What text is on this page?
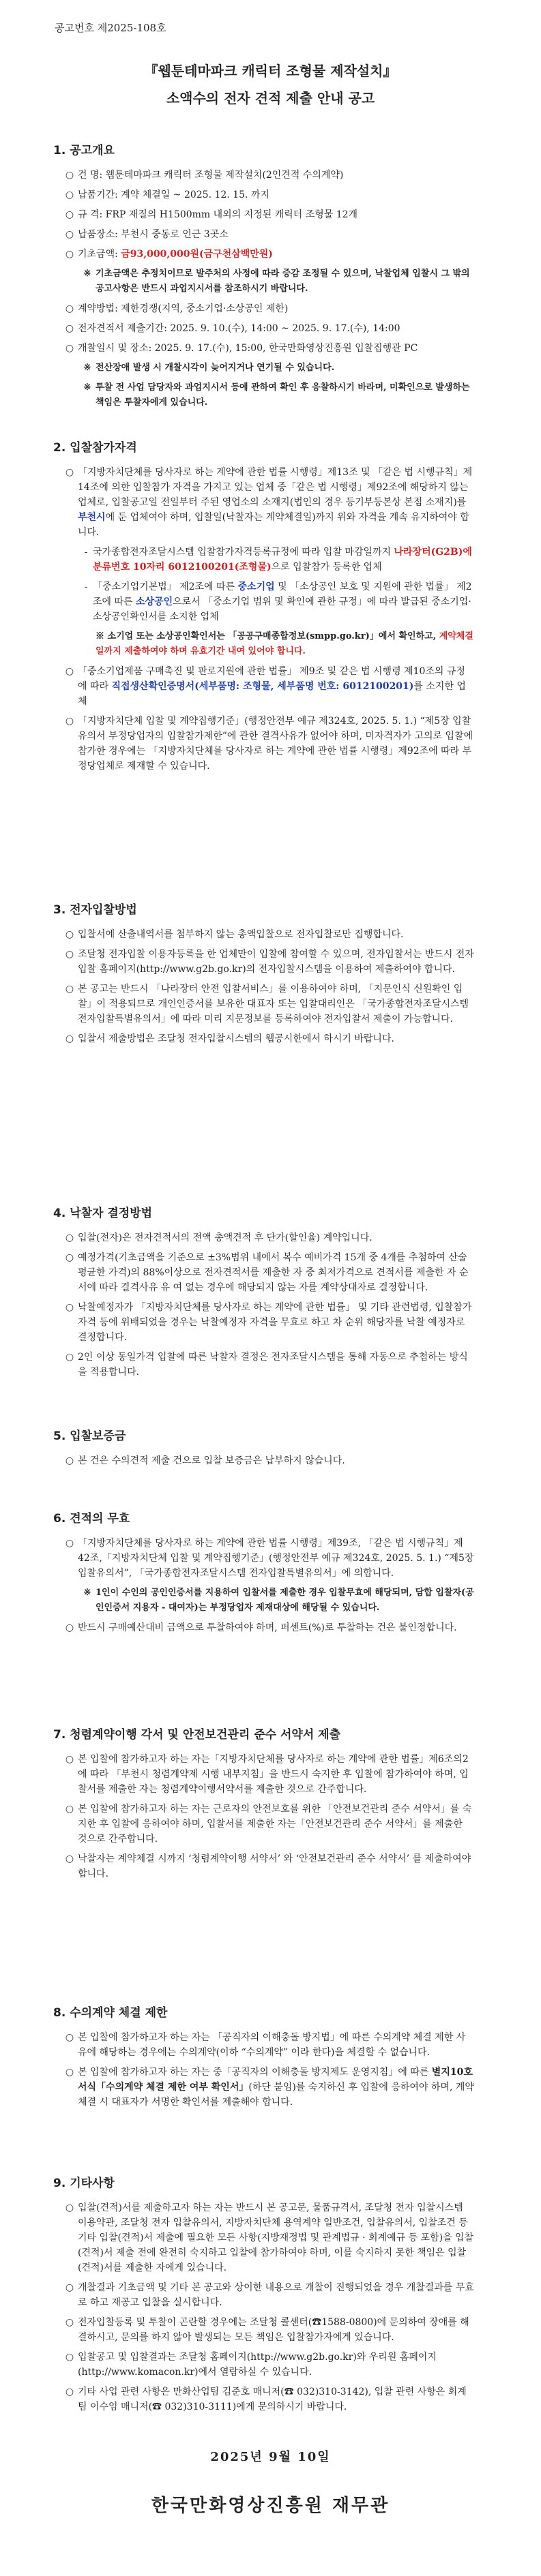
공고번호 제2025-108호
『웹툰테마파크 캐릭터 조형물 제작설치』
소액수의 전자 견적 제출 안내 공고
1. 공고개요
○ 건 명: 웹툰테마파크 캐릭터 조형물 제작설치(2인견적 수의계약)
○ 납품기간: 계약 체결일 ~ 2025. 12. 15. 까지
○ 규 격: FRP 재질의 H1500mm 내외의 지정된 캐릭터 조형물 12개
○ 납품장소: 부천시 중동로 인근 3곳소
○ 기초금액: 금93,000,000원(금구천삼백만원)
※ 기초금액은 추정치이므로 발주처의 사정에 따라 증감 조정될 수 있으며, 낙찰업체 입찰시 그 밖의 공고사항은 반드시 과업지시서를 참조하시기 바랍니다.
○ 계약방법: 제한경쟁(지역, 중소기업·소상공인 제한)
○ 전자견적서 제출기간: 2025. 9. 10.(수), 14:00 ~ 2025. 9. 17.(수), 14:00
○ 개찰일시 및 장소: 2025. 9. 17.(수), 15:00, 한국만화영상진흥원 입찰집행관 PC
※ 전산장애 발생 시 개찰시각이 늦어지거나 연기될 수 있습니다.
※ 투찰 전 사업 담당자와 과업지시서 등에 관하여 확인 후 응찰하시기 바라며, 미확인으로 발생하는 책임은 투찰자에게 있습니다.
2. 입찰참가자격
○ 「지방자치단체를 당사자로 하는 계약에 관한 법률 시행령」제13조 및 「같은 법 시행규칙」제14조에 의한 입찰참가 자격을 가지고 있는 업체 중「같은 법 시행령」제92조에 해당하지 않는 업체로, 입찰공고일 전일부터 주된 영업소의 소재지(법인의 경우 등기부등본상 본점 소재지)를 부천시에 둔 업체여야 하며, 입찰일(낙찰자는 계약체결일)까지 위와 자격을 계속 유지하여야 합니다.
- 국가종합전자조달시스템 입찰참가자격등록규정에 따라 입찰 마감일까지 나라장터(G2B)에 분류번호 10자리 6012100201(조형물)으로 입찰참가 등록한 업체
- 「중소기업기본법」 제2조에 따른 중소기업 및 「소상공인 보호 및 지원에 관한 법률」 제2조에 따른 소상공인으로서 「중소기업 범위 및 확인에 관한 규정」에 따라 발급된 중소기업·소상공인확인서를 소지한 업체
※ 소기업 또는 소상공인확인서는 「공공구매종합정보(smpp.go.kr)」에서 확인하고, 계약체결일까지 제출하여야 하며 유효기간 내여 있어야 합니다.
○ 「중소기업제품 구매촉진 및 판로지원에 관한 법률」 제9조 및 같은 법 시행령 제10조의 규정에 따라 직접생산확인증명서(세부품명: 조형물, 세부품명 번호: 6012100201)를 소지한 업체
○ 「지방자치단체 입찰 및 계약집행기준」(행정안전부 예규 제324호, 2025. 5. 1.) “제5장 입찰유의서 부정당업자의 입찰참가제한”에 관한 결격사유가 없어야 하며, 미자격자가 고의로 입찰에 참가한 경우에는 「지방자치단체를 당사자로 하는 계약에 관한 법률 시행령」제92조에 따라 부정당업체로 제재할 수 있습니다.
3. 전자입찰방법
○ 입찰서에 산출내역서를 첨부하지 않는 총액입찰으로 전자입찰로만 집행합니다.
○ 조달청 전자입찰 이용자등록을 한 업체만이 입찰에 참여할 수 있으며, 전자입찰서는 반드시 전자입찰 홈페이지(http://www.g2b.go.kr)의 전자입찰시스템을 이용하여 제출하여야 합니다.
○ 본 공고는 반드시 「나라장터 안전 입찰서비스」를 이용하여야 하며, 「지문인식 신원확인 입찰」이 적용되므로 개인인증서를 보유한 대표자 또는 입찰대리인은 「국가종합전자조달시스템 전자입찰특별유의서」에 따라 미리 지문정보를 등록하여야 전자입찰서 제출이 가능합니다.
○ 입찰서 제출방법은 조달청 전자입찰시스템의 웹공시한에서 하시기 바랍니다.
4. 낙찰자 결정방법
○ 입찰(전자)은 전자견적서의 전액 총액견적 후 단가(할인율) 계약입니다.
○ 예정가격(기초금액을 기준으로 ±3%범위 내에서 복수 예비가격 15개 중 4개를 추첨하여 산술평균한 가격)의 88%이상으로 전자견적서를 제출한 자 중 최저가격으로 견적서를 제출한 자 순서에 따라 결격사유 유 여 없는 경우에 해당되지 않는 자를 계약상대자로 결정합니다.
○ 낙찰예정자가 「지방자치단체를 당사자로 하는 계약에 관한 법률」 및 기타 관련법령, 입찰참가 자격 등에 위배되었을 경우는 낙찰예정자 자격을 무효로 하고 차 순위 해당자를 낙찰 예정자로 결정합니다.
○ 2인 이상 동일가격 입찰에 따른 낙찰자 결정은 전자조달시스템을 통해 자동으로 추첨하는 방식을 적용합니다.
5. 입찰보증금
○ 본 건은 수의견적 제출 건으로 입찰 보증금은 납부하지 않습니다.
6. 견적의 무효
○ 「지방자치단체를 당사자로 하는 계약에 관한 법률 시행령」제39조, 「같은 법 시행규칙」제42조,「지방자치단체 입찰 및 계약집행기준」(행정안전부 예규 제324호, 2025. 5. 1.) “제5장 입찰유의서”, 「국가종합전자조달시스템 전자입찰특별유의서」에 의합니다.
※ 1인이 수인의 공인인증서를 지용하여 입찰서를 제출한 경우 입찰무효에 해당되며, 담합 입찰자(공인인증서 지용자 - 대여자)는 부정당업자 제재대상에 해당될 수 있습니다.
○ 반드시 구매예산대비 금액으로 투찰하여야 하며, 퍼센트(%)로 투찰하는 건은 불인정합니다.
7. 청렴계약이행 각서 및 안전보건관리 준수 서약서 제출
○ 본 입찰에 참가하고자 하는 자는「지방자치단체를 당사자로 하는 계약에 관한 법률」제6조의2에 따라 「부천시 청렴계약제 시행 내부지침」을 반드시 숙지한 후 입찰에 참가하여야 하며, 입찰서를 제출한 자는 청렴계약이행서약서를 제출한 것으로 간주합니다.
○ 본 입찰에 참가하고자 하는 자는 근로자의 안전보호를 위한 「안전보건관리 준수 서약서」를 숙지한 후 입찰에 응하여야 하며, 입찰서를 제출한 자는「안전보건관리 준수 서약서」를 제출한 것으로 간주합니다.
○ 낙찰자는 계약체결 시까지 ‘청렴계약이행 서약서’ 와 ‘안전보건관리 준수 서약서’ 를 제출하여야 합니다.
8. 수의계약 체결 제한
○ 본 입찰에 참가하고자 하는 자는 「공직자의 이해충돌 방지법」에 따른 수의계약 체결 제한 사유에 해당하는 경우에는 수의계약(이하 “수의계약” 이라 한다)을 체결할 수 없습니다.
○ 본 입찰에 참가하고자 하는 자는 중「공직자의 이해충돌 방지제도 운영지침」에 따른 별지10호 서식「수의계약 체결 제한 여부 확인서」(하단 붙임)를 숙지하신 후 입찰에 응하여야 하며, 계약 체결 시 대표자가 서명한 확인서를 제출해야 합니다.
9. 기타사항
○ 입찰(견적)서를 제출하고자 하는 자는 반드시 본 공고문, 물품규격서, 조달청 전자 입찰시스템 이용약관, 조달청 전자 입찰유의서, 지방자치단체 용역계약 일반조건, 입찰유의서, 입찰조건 등 기타 입찰(견적)서 제출에 필요한 모든 사항(지방재정법 및 관계법규 · 회계예규 등 포함)을 입찰(견적)서 제출 전에 완전히 숙지하고 입찰에 참가하여야 하며, 이를 숙지하지 못한 책임은 입찰(견적)서를 제출한 자에게 있습니다.
○ 개찰결과 기초금액 및 기타 본 공고와 상이한 내용으로 개찰이 진행되었을 경우 개찰결과를 무효로 하고 재공고 입찰을 실시합니다.
○ 전자입찰등록 및 투찰이 곤란할 경우에는 조달청 콜센터(☎1588-0800)에 문의하여 장애를 해결하시고, 문의를 하지 않아 발생되는 모든 책임은 입찰참가자에게 있습니다.
○ 입찰공고 및 입찰결과는 조달청 홈페이지(http://www.g2b.go.kr)와 우리원 홈페이지(http://www.komacon.kr)에서 열람하실 수 있습니다.
○ 기타 사업 관련 사항은 만화산업팀 김준호 매니저(☎ 032)310-3142), 입찰 관련 사항은 회계팀 이수임 매니저(☎ 032)310-3111)에게 문의하시기 바랍니다.
2025년 9월 10일
한국만화영상진흥원 재무관
